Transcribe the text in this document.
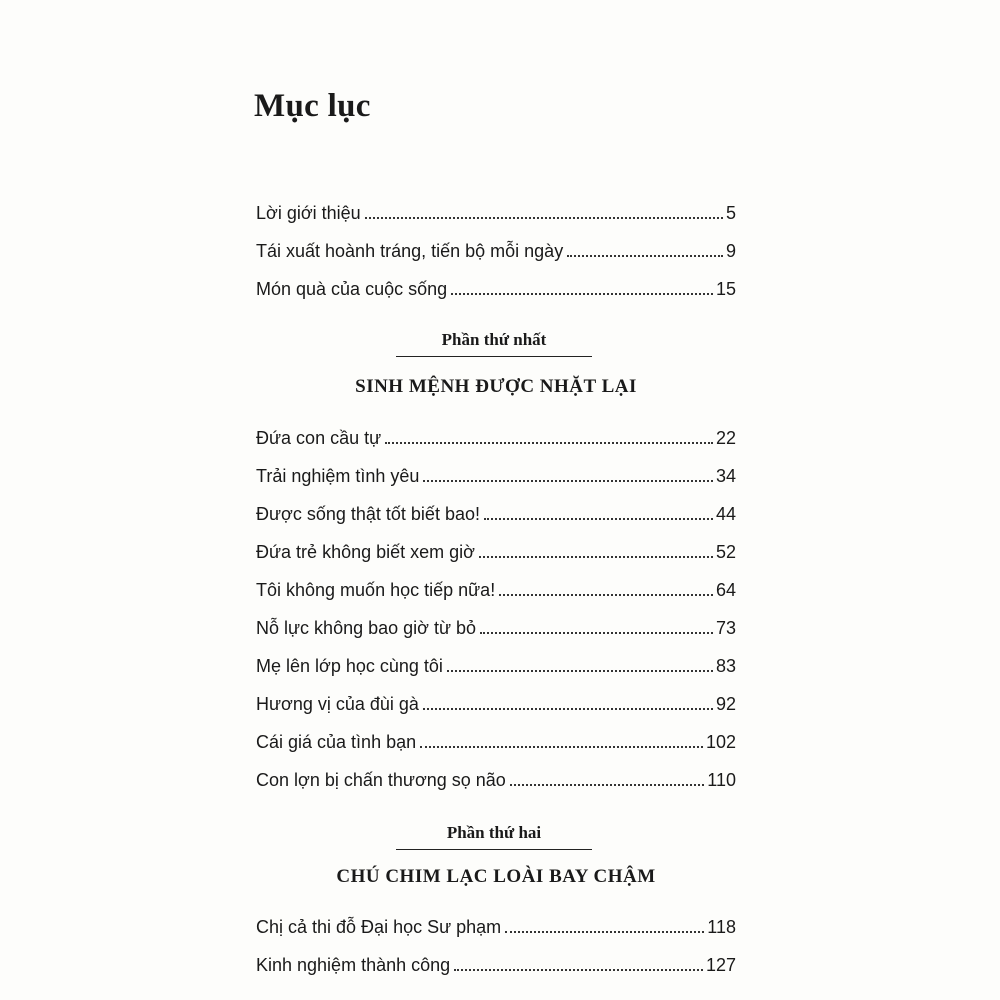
Mục lục
Lời giới thiệu	5
Tái xuất hoành tráng, tiến bộ mỗi ngày	9
Món quà của cuộc sống	15
Phần thứ nhất
SINH MỆNH ĐƯỢC NHẶT LẠI
Đứa con cầu tự	22
Trải nghiệm tình yêu	34
Được sống thật tốt biết bao!	44
Đứa trẻ không biết xem giờ	52
Tôi không muốn học tiếp nữa!	64
Nỗ lực không bao giờ từ bỏ	73
Mẹ lên lớp học cùng tôi	83
Hương vị của đùi gà	92
Cái giá của tình bạn	102
Con lợn bị chấn thương sọ não	110
Phần thứ hai
CHÚ CHIM LẠC LOÀI BAY CHẬM
Chị cả thi đỗ Đại học Sư phạm	118
Kinh nghiệm thành công	127
